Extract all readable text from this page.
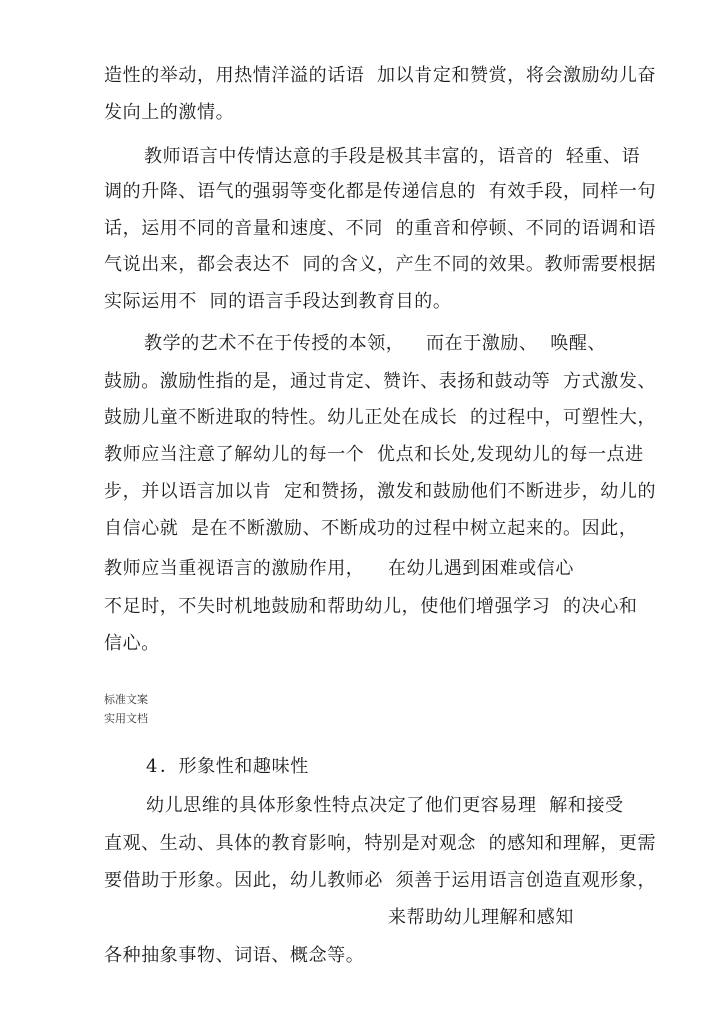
造性的举动，用热情洋溢的话语  加以肯定和赞赏，将会激励幼儿奋
发向上的激情。
教师语言中传情达意的手段是极其丰富的，语音的  轻重、语
调的升降、语气的强弱等变化都是传递信息的  有效手段，同样一句
话，运用不同的音量和速度、不同  的重音和停顿、不同的语调和语
气说出来，都会表达不  同的含义，产生不同的效果。教师需要根据
实际运用不  同的语言手段达到教育目的。
教学的艺术不在于传授的本领， 而在于激励、  唤醒、
鼓励。激励性指的是，通过肯定、赞许、表扬和鼓动等  方式激发、
鼓励儿童不断进取的特性。幼儿正处在成长  的过程中，可塑性大，
教师应当注意了解幼儿的每一个  优点和长处,发现幼儿的每一点进
步，并以语言加以肯  定和赞扬，激发和鼓励他们不断进步，幼儿的
自信心就  是在不断激励、不断成功的过程中树立起来的。因此，
教师应当重视语言的激励作用， 在幼儿遇到困难或信心
不足时，不失时机地鼓励和帮助幼儿，使他们增强学习  的决心和
信心。
标准文案
实用文档
4 ．形象性和趣味性
幼儿思维的具体形象性特点决定了他们更容易理  解和接受
直观、生动、具体的教育影响，特别是对观念  的感知和理解，更需
要借助于形象。因此，幼儿教师必  须善于运用语言创造直观形象，
来帮助幼儿理解和感知
各种抽象事物、词语、概念等。
